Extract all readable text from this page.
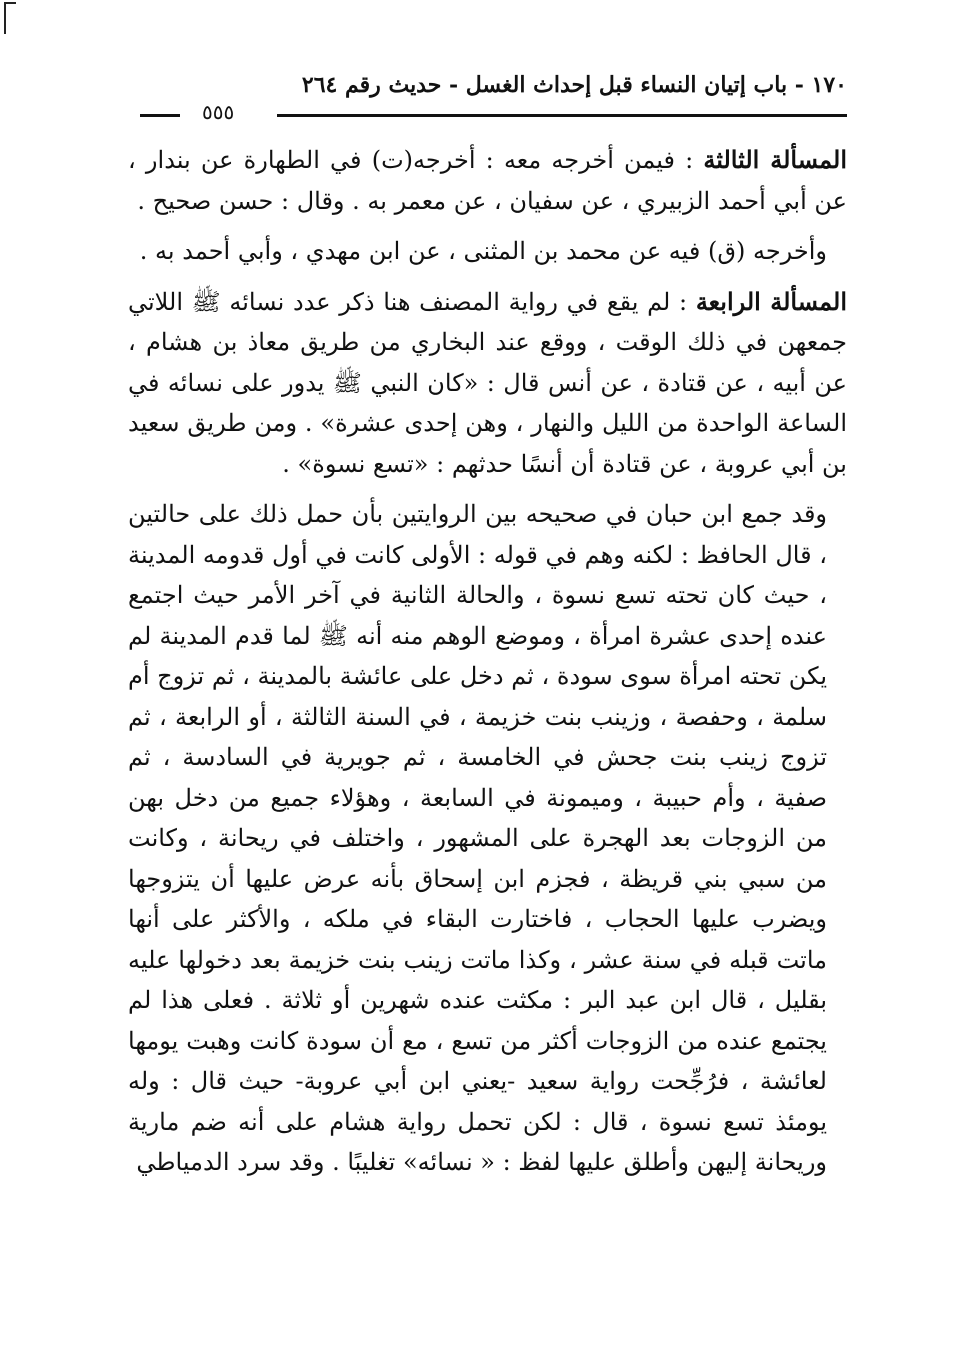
١٧٠ - باب إتيان النساء قبل إحداث الغسل - حديث رقم ٢٦٤
٥٥٥

المسألة الثالثة : فيمن أخرجه معه : أخرجه(ت) في الطهارة عن بندار ، عن أبي أحمد الزبيري ، عن سفيان ، عن معمر به . وقال : حسن صحيح .

وأخرجه (ق) فيه عن محمد بن المثنى ، عن ابن مهدي ، وأبي أحمد به .

المسألة الرابعة : لم يقع في رواية المصنف هنا ذكر عدد نسائه ﷺ اللاتي جمعهن في ذلك الوقت ، ووقع عند البخاري من طريق معاذ بن هشام ، عن أبيه ، عن قتادة ، عن أنس قال : «كان النبي ﷺ يدور على نسائه في الساعة الواحدة من الليل والنهار ، وهن إحدى عشرة» . ومن طريق سعيد بن أبي عروبة ، عن قتادة أن أنسًا حدثهم : «تسع نسوة» .

وقد جمع ابن حبان في صحيحه بين الروايتين بأن حمل ذلك على حالتين ، قال الحافظ : لكنه وهم في قوله : الأولى كانت في أول قدومه المدينة ، حيث كان تحته تسع نسوة ، والحالة الثانية في آخر الأمر حيث اجتمع عنده إحدى عشرة امرأة ، وموضع الوهم منه أنه ﷺ لما قدم المدينة لم يكن تحته امرأة سوى سودة ، ثم دخل على عائشة بالمدينة ، ثم تزوج أم سلمة ، وحفصة ، وزينب بنت خزيمة ، في السنة الثالثة ، أو الرابعة ، ثم تزوج زينب بنت جحش في الخامسة ، ثم جويرية في السادسة ، ثم صفية ، وأم حبيبة ، وميمونة في السابعة ، وهؤلاء جميع من دخل بهن من الزوجات بعد الهجرة على المشهور ، واختلف في ريحانة ، وكانت من سبي بني قريظة ، فجزم ابن إسحاق بأنه عرض عليها أن يتزوجها ويضرب عليها الحجاب ، فاختارت البقاء في ملكه ، والأكثر على أنها ماتت قبله في سنة عشر ، وكذا ماتت زينب بنت خزيمة بعد دخولها عليه بقليل ، قال ابن عبد البر : مكثت عنده شهرين أو ثلاثة . فعلى هذا لم يجتمع عنده من الزوجات أكثر من تسع ، مع أن سودة كانت وهبت يومها لعائشة ، فرُجِّحت رواية سعيد -يعني ابن أبي عروبة- حيث قال : وله يومئذ تسع نسوة ، قال : لكن تحمل رواية هشام على أنه ضم مارية وريحانة إليهن وأطلق عليها لفظ : « نسائه» تغليبًا . وقد سرد الدمياطي
